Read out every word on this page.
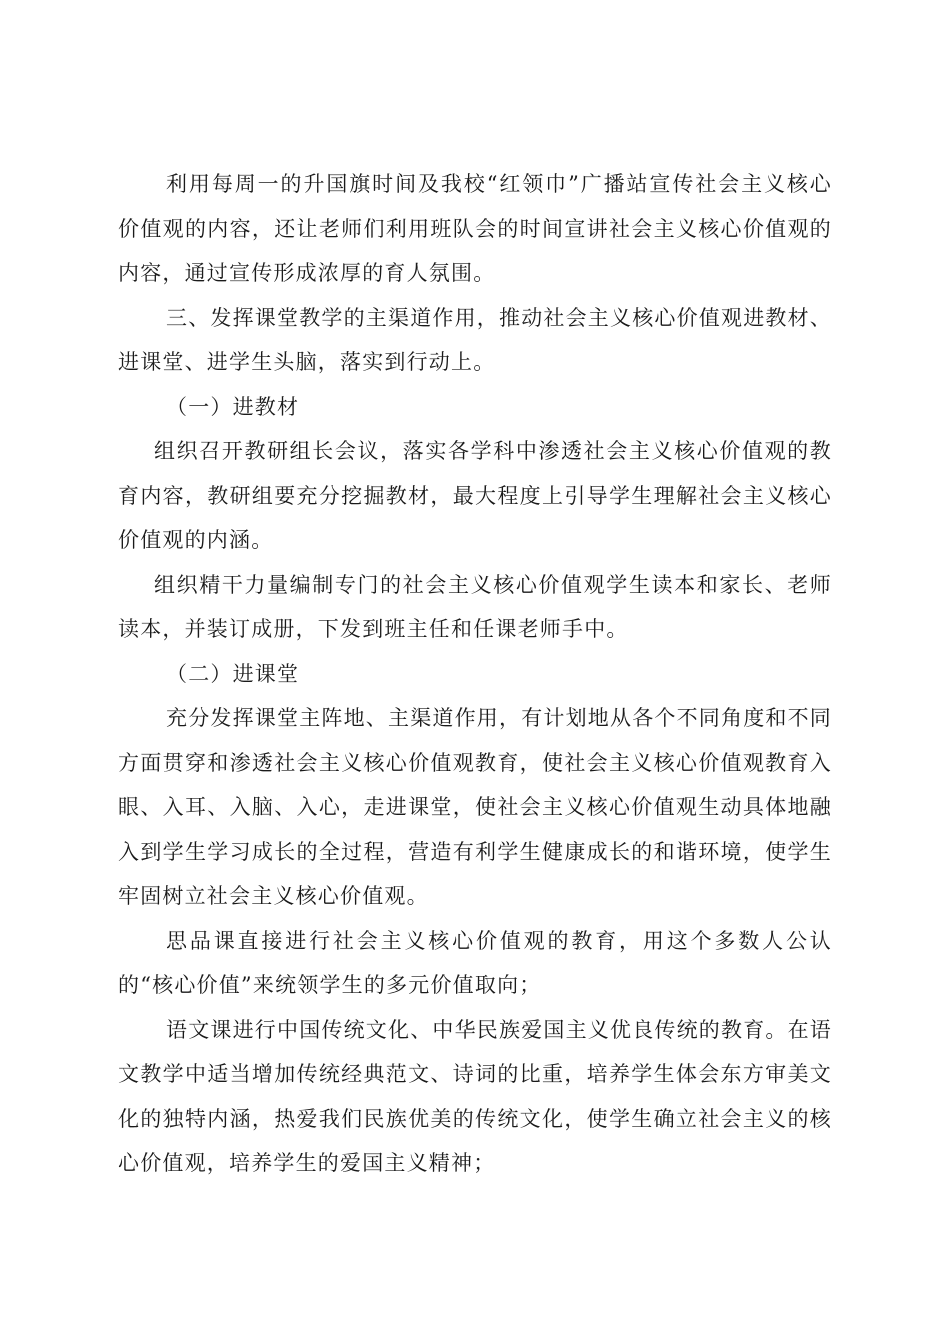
利用每周一的升国旗时间及我校“红领巾”广播站宣传社会主义核心价值观的内容，还让老师们利用班队会的时间宣讲社会主义核心价值观的内容，通过宣传形成浓厚的育人氛围。

三、发挥课堂教学的主渠道作用，推动社会主义核心价值观进教材、进课堂、进学生头脑，落实到行动上。

（一）进教材

组织召开教研组长会议，落实各学科中渗透社会主义核心价值观的教育内容，教研组要充分挖掘教材，最大程度上引导学生理解社会主义核心价值观的内涵。

组织精干力量编制专门的社会主义核心价值观学生读本和家长、老师读本，并装订成册，下发到班主任和任课老师手中。

（二）进课堂

充分发挥课堂主阵地、主渠道作用，有计划地从各个不同角度和不同方面贯穿和渗透社会主义核心价值观教育，使社会主义核心价值观教育入眼、入耳、入脑、入心，走进课堂，使社会主义核心价值观生动具体地融入到学生学习成长的全过程，营造有利学生健康成长的和谐环境，使学生牢固树立社会主义核心价值观。

思品课直接进行社会主义核心价值观的教育，用这个多数人公认的“核心价值”来统领学生的多元价值取向；

语文课进行中国传统文化、中华民族爱国主义优良传统的教育。在语文教学中适当增加传统经典范文、诗词的比重，培养学生体会东方审美文化的独特内涵，热爱我们民族优美的传统文化，使学生确立社会主义的核心价值观，培养学生的爱国主义精神；
